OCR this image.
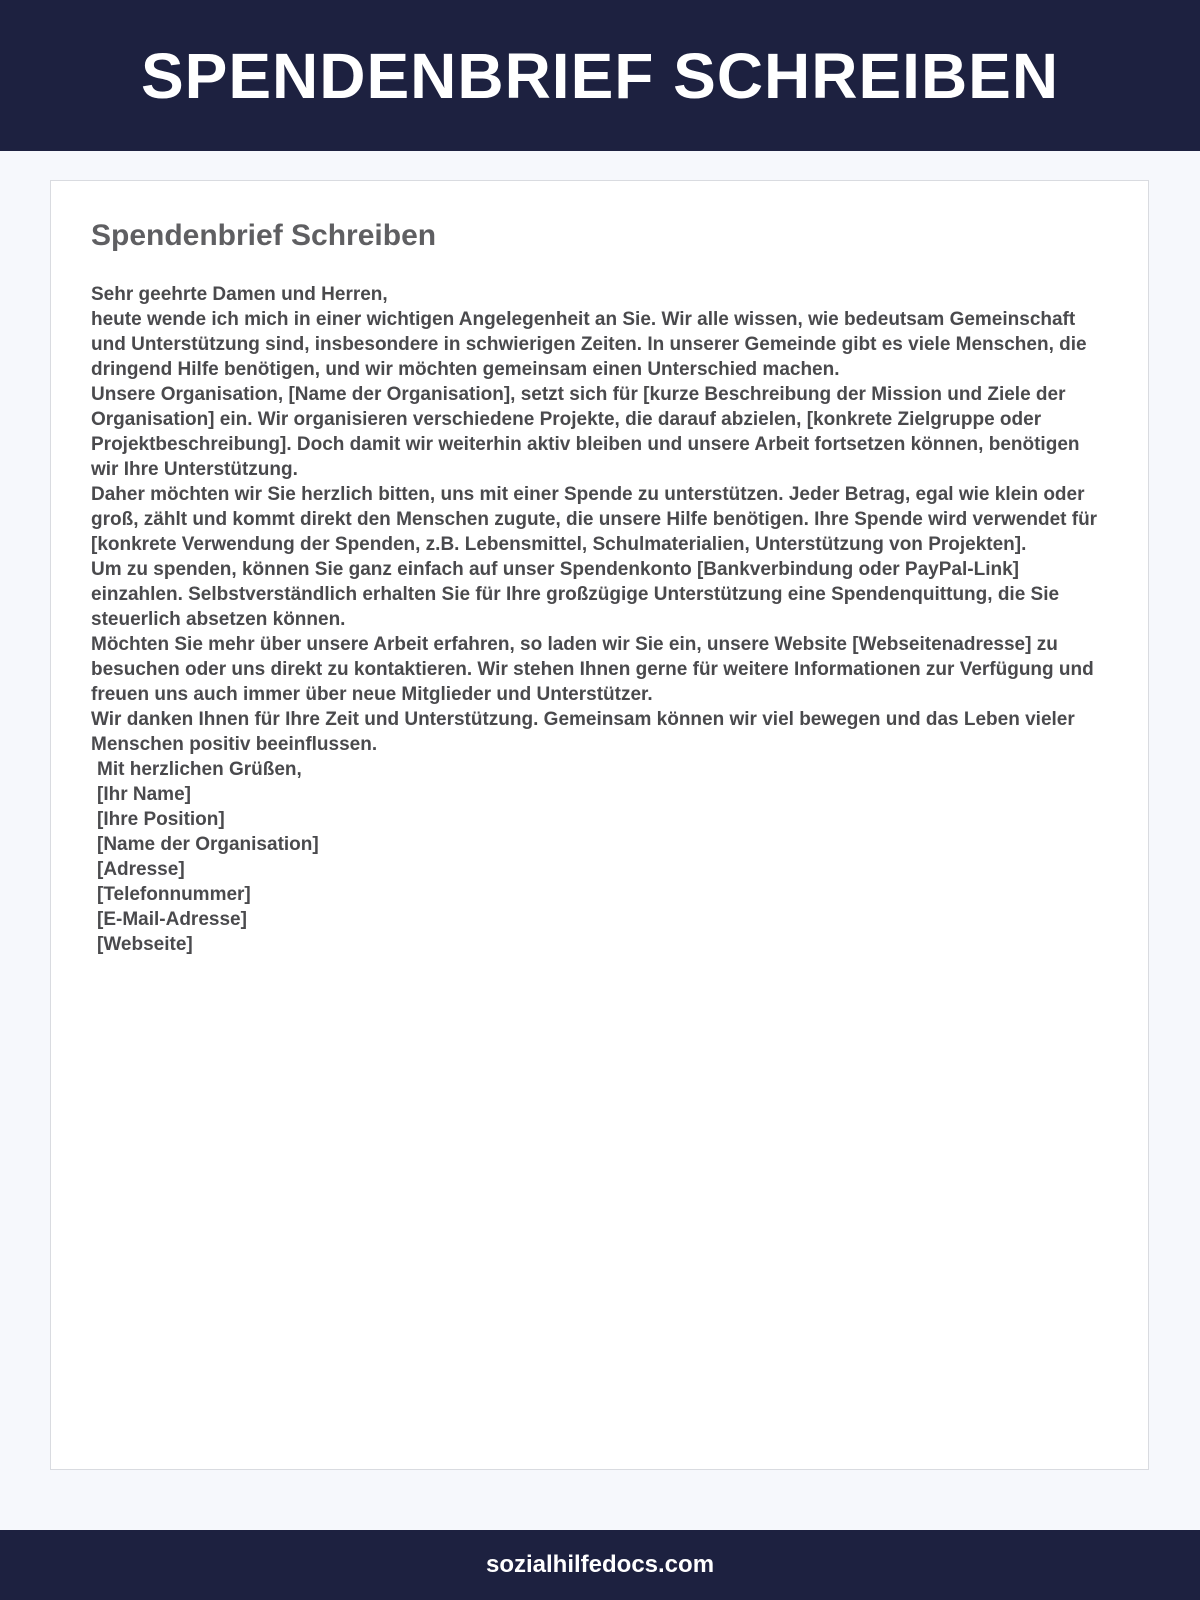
SPENDENBRIEF SCHREIBEN
Spendenbrief Schreiben

Sehr geehrte Damen und Herren,

heute wende ich mich in einer wichtigen Angelegenheit an Sie. Wir alle wissen, wie bedeutsam Gemeinschaft und Unterstützung sind, insbesondere in schwierigen Zeiten. In unserer Gemeinde gibt es viele Menschen, die dringend Hilfe benötigen, und wir möchten gemeinsam einen Unterschied machen.

Unsere Organisation, [Name der Organisation], setzt sich für [kurze Beschreibung der Mission und Ziele der Organisation] ein. Wir organisieren verschiedene Projekte, die darauf abzielen, [konkrete Zielgruppe oder Projektbeschreibung]. Doch damit wir weiterhin aktiv bleiben und unsere Arbeit fortsetzen können, benötigen wir Ihre Unterstützung.

Daher möchten wir Sie herzlich bitten, uns mit einer Spende zu unterstützen. Jeder Betrag, egal wie klein oder groß, zählt und kommt direkt den Menschen zugute, die unsere Hilfe benötigen. Ihre Spende wird verwendet für [konkrete Verwendung der Spenden, z.B. Lebensmittel, Schulmaterialien, Unterstützung von Projekten].

Um zu spenden, können Sie ganz einfach auf unser Spendenkonto [Bankverbindung oder PayPal-Link] einzahlen. Selbstverständlich erhalten Sie für Ihre großzügige Unterstützung eine Spendenquittung, die Sie steuerlich absetzen können.

Möchten Sie mehr über unsere Arbeit erfahren, so laden wir Sie ein, unsere Website [Webseitenadresse] zu besuchen oder uns direkt zu kontaktieren. Wir stehen Ihnen gerne für weitere Informationen zur Verfügung und freuen uns auch immer über neue Mitglieder und Unterstützer.

Wir danken Ihnen für Ihre Zeit und Unterstützung. Gemeinsam können wir viel bewegen und das Leben vieler Menschen positiv beeinflussen.

Mit herzlichen Grüßen,

[Ihr Name]

[Ihre Position]

[Name der Organisation]

[Adresse]

[Telefonnummer]

[E-Mail-Adresse]

[Webseite]

sozialhilfedocs.com
